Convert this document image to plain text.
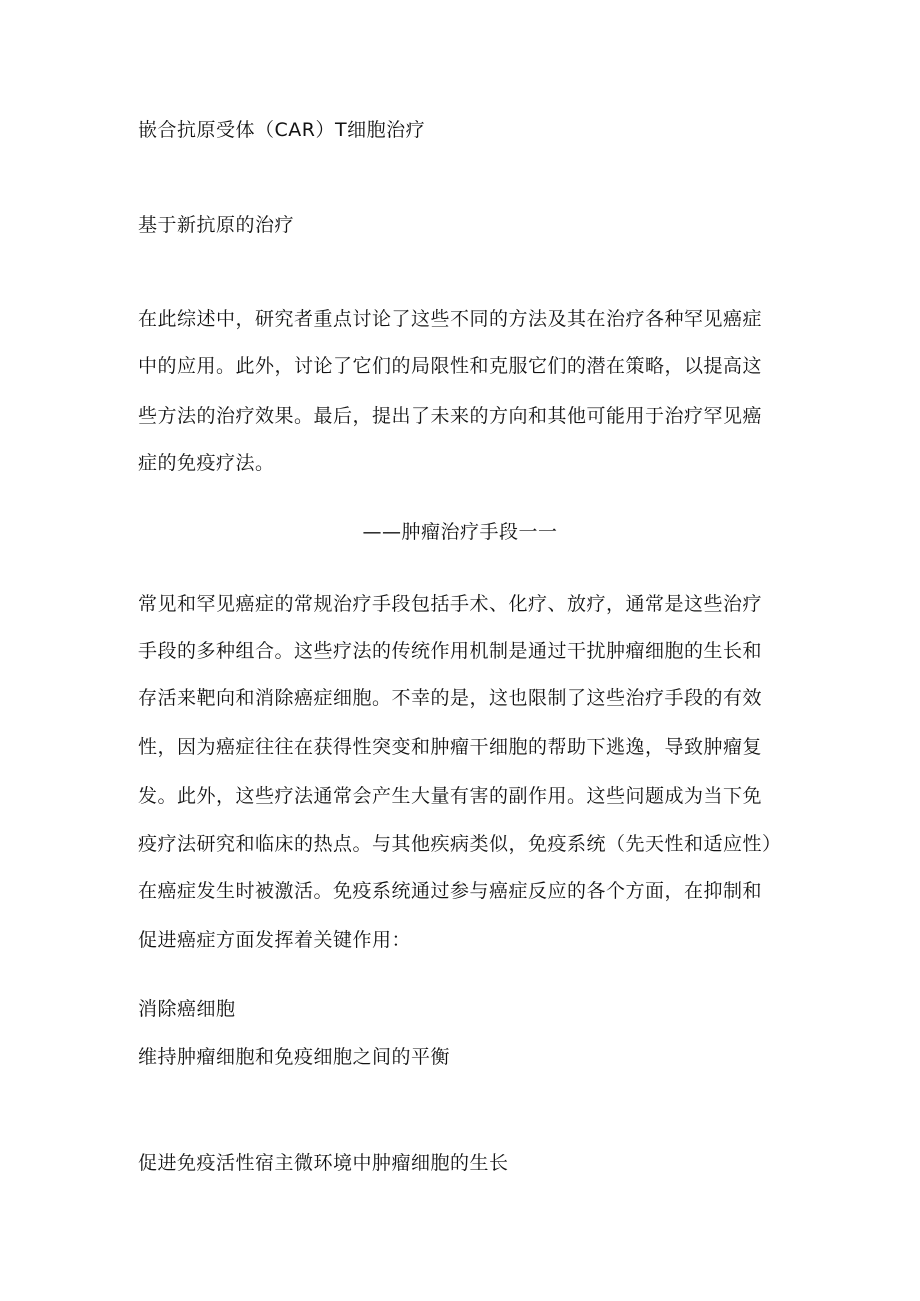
嵌合抗原受体（CAR）T细胞治疗
基于新抗原的治疗
在此综述中，研究者重点讨论了这些不同的方法及其在治疗各种罕见癌症
中的应用。此外，讨论了它们的局限性和克服它们的潜在策略，以提高这
些方法的治疗效果。最后，提出了未来的方向和其他可能用于治疗罕见癌
症的免疫疗法。
——肿瘤治疗手段一一
常见和罕见癌症的常规治疗手段包括手术、化疗、放疗，通常是这些治疗
手段的多种组合。这些疗法的传统作用机制是通过干扰肿瘤细胞的生长和
存活来靶向和消除癌症细胞。不幸的是，这也限制了这些治疗手段的有效
性，因为癌症往往在获得性突变和肿瘤干细胞的帮助下逃逸，导致肿瘤复
发。此外，这些疗法通常会产生大量有害的副作用。这些问题成为当下免
疫疗法研究和临床的热点。与其他疾病类似，免疫系统（先天性和适应性）
在癌症发生时被激活。免疫系统通过参与癌症反应的各个方面，在抑制和
促进癌症方面发挥着关键作用：
消除癌细胞
维持肿瘤细胞和免疫细胞之间的平衡
促进免疫活性宿主微环境中肿瘤细胞的生长
